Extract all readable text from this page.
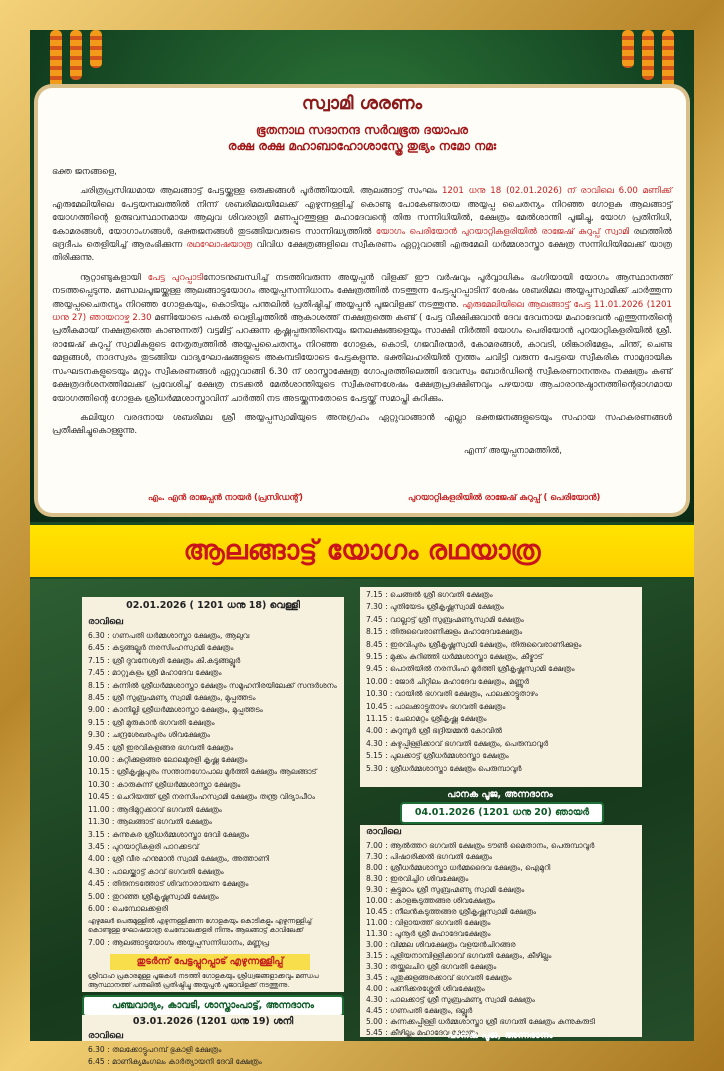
സ്വാമി ശരണം
ഭൂതനാഥ സദാനന്ദ സർവഭൂത ദയാപര
രക്ഷ രക്ഷ മഹാബാഹോശാസ്ത്രേ തുഭ്യം നമോ നമഃ

ഭക്ത ജനങ്ങളെ,

ചരിത്രപ്രസിദ്ധമായ ആലങ്ങാട്ട് പേട്ടയ്ക്കുള്ള ഒരുക്കങ്ങൾ പൂർത്തിയായി. ആലങ്ങാട്ട് സംഘം 1201 ധനു 18 (02.01.2026) ന് രാവിലെ 6.00 മണിക്ക് എരുമേലിയിലെ പേട്ടയമ്പലത്തിൽ നിന്ന് ശബരിമലയിലേക്ക് എഴുന്നള്ളിച്ച് കൊണ്ടു പോകേണ്ടതായ അയ്യപ്പ ചൈതന്യം നിറഞ്ഞ ഗോളക ആലങ്ങാട്ട് യോഗത്തിന്റെ ഉത്ഭവസ്ഥാനമായ ആലുവ ശിവരാത്രി മണപ്പുറത്തുള്ള മഹാദേവന്റെ തിരു സന്നിധിയിൽ, ക്ഷേത്രം മേൽശാന്തി പൂജിച്ചു, യോഗ പ്രതിനിധി, കോമരങ്ങൾ, യോഗാംഗങ്ങൾ, ഭക്തജനങ്ങൾ തുടങ്ങിയവരുടെ സാന്നിദ്ധ്യത്തിൽ യോഗം പെരിയോൻ പുറയാറ്റികളരിയിൽ രാജേഷ് കുറുപ്പ് സ്വാമി രഥത്തിൽ ഭദ്രദീപം തെളിയിച്ച് ആരംഭിക്കുന്ന രഥഘോഷയാത്ര വിവിധ ക്ഷേത്രങ്ങളിലെ സ്വീകരണം ഏറ്റുവാങ്ങി എരുമേലി ധർമ്മശാസ്താ ക്ഷേത്ര സന്നിധിയിലേക്ക് യാത്ര തിരിക്കുന്നു.

നൂറ്റാണ്ടുകളായി പേട്ട പുറപ്പാടിനോടനുബന്ധിച്ച് നടത്തിവരുന്ന അയ്യപ്പൻ വിളക്ക് ഈ വർഷവും പൂർവ്വാധികം ഭംഗിയായി യോഗം ആസ്ഥാനത്ത് നടത്തപ്പെടുന്നു. മണ്ഡലപൂജയ്ക്കുള്ള ആലങ്ങാട്ടുയോഗം അയ്യപ്പസന്നിധാനം ക്ഷേത്രത്തിൽ നടത്തുന്ന പേട്ടപ്പുറപ്പാടിന് ശേഷം ശബരിമല അയ്യപ്പസ്വാമിക്ക് ചാർത്തുന്ന അയ്യപ്പചൈതന്യം നിറഞ്ഞ ഗോളകയും, കൊടിയും പന്തലിൽ പ്രതിഷ്ഠിച്ച് അയ്യപ്പൻ പൂജവിളക്ക് നടത്തുന്നു. എരുമേലിയിലെ ആലങ്ങാട്ട് പേട്ട 11.01.2026 (1201 ധനു 27) ഞായറാഴ്ച 2.30 മണിയോടെ പകൽ വെളിച്ചത്തിൽ ആകാശത്ത് നക്ഷത്രത്തെ കണ്ട് ( പേട്ട വീക്ഷിക്കുവാൻ ദേവ ദേവനായ മഹാദേവൻ എത്തുന്നതിന്റെ പ്രതീകമായ് നക്ഷത്രത്തെ കാണുന്നത്) വട്ടമിട്ട് പറക്കുന്ന കൃഷ്ണപ്പരുന്തിനെയും ജനലക്ഷങ്ങളെയും സാക്ഷി നിർത്തി യോഗം പെരിയോൻ പുറയാറ്റികളരിയിൽ ശ്രീ. രാജേഷ് കുറുപ്പ് സ്വാമികളുടെ നേതൃത്വത്തിൽ അയ്യപ്പചൈതന്യം നിറഞ്ഞ ഗോളക, കൊടി, ഗജവീരന്മാർ, കോമരങ്ങൾ, കാവടി, ശിങ്കാരിമേളം, ചിന്ത്, ചെണ്ട മേളങ്ങൾ, നാദസ്വരം തുടങ്ങിയ വാദ്യഘോഷങ്ങളുടെ അകമ്പടിയോടെ പേട്ടകളുന്നു. ഭക്തിലഹരിയിൽ നൃത്തം ചവിട്ടി വരുന്ന പേട്ടയെ സ്വീകരിക സാമുദായിക സംഘടനകളുടെയും മറ്റും സ്വീകരണങ്ങൾ ഏറ്റുവാങ്ങി 6.30 ന് ശാസ്താക്ഷേത്ര ഗോപുരത്തിലെത്തി ദേവസ്വം ബോർഡിന്റെ സ്വീകരണാനന്തരം നക്ഷത്രം കണ്ട് ക്ഷേത്രദർശനത്തിലേക്ക് പ്രവേശിച്ച് ക്ഷേത്ര നടക്കൽ മേൽശാന്തിയുടെ സ്വീകരണശേഷം ക്ഷേത്രപ്രദക്ഷിണവും പഴയായ ആചാരാനുഷ്ഠാനത്തിന്റെഭാഗമായ യോഗത്തിന്റെ ഗോളക ശ്രീധർമ്മശാസ്താവിന് ചാർത്തി നട അടയ്ക്കുന്നതോടെ പേട്ടയ്ക്ക് സമാപ്തി കുറിക്കും.

കലിയുഗ വരദനായ ശബരിമല ശ്രീ അയ്യപ്പസ്വാമിയുടെ അനുഗ്രഹം ഏറ്റുവാങ്ങാൻ എല്ലാ ഭക്തജനങ്ങളുടെയും സഹായ സഹകരണങ്ങൾ പ്രതീക്ഷിച്ചുകൊള്ളുന്നു.

എന്ന് അയ്യപ്പനാമത്തിൽ,

എം. എൻ രാജപ്പൻ നായർ (പ്രസിഡന്റ്)	പുറയാറ്റികളരിയിൽ രാജേഷ് കുറുപ്പ് ( പെരിയോൻ)
ആലങ്ങാട്ട് യോഗം രഥയാത്ര
02.01.2026 ( 1201 ധനു 18) വെള്ളി
രാവിലെ
6.30 : ഗണപതി ധർമ്മശാസ്താ ക്ഷേത്രം, ആലുവ
6.45 : കടുങ്ങല്ലൂർ നരസിംഹസ്വാമി ക്ഷേത്രം
7.15 : ശ്രീ ദുവനേശ്വരി ക്ഷേത്രം കി.കടുങ്ങല്ലൂർ
7.45 : മാറ്റുകളം ശ്രീ മഹാദേവ ക്ഷേത്രം
8.15 : കുന്നിൽ ശ്രീധർമ്മശാസ്താ ക്ഷേത്രം സമൂഹനിരയിലേക്ക് സന്ദർശനം
8.45 : ശ്രീ സുബ്രഹ്മണ്യ സ്വാമി ക്ഷേത്രം, മുപ്പത്തടം
9.00 : കാനില്ലി ശ്രീധർമ്മശാസ്താ ക്ഷേത്രം, മുപ്പത്തടം
9.15 : ശ്രീ മുരുകാൻ ഭഗവതി ക്ഷേത്രം
9.30 : ചന്ദ്രശേഖരപുരം ശിവക്ഷേത്രം
9.45 : ശ്രീ ഇരവികുളങ്ങര ഭഗവതി ക്ഷേത്രം
10.00 : കുറ്റിക്കുളങ്ങര ലോലമുരളി കൃഷ്ണ ക്ഷേത്രം
10.15 : ശ്രീകൃഷ്ണപുരം സന്താനഗോപാല മൂർത്തി ക്ഷേത്രം ആലങ്ങാട്
10.30 : കാരുകുന്ന് ശ്രീധർമ്മശാസ്താ ക്ഷേത്രം
10.45 : ചെറിയത്ത് ശ്രീ നരസിംഹസ്വാമി ക്ഷേത്രം തന്ത്ര വിദ്യാപീഠം
11.00 : ആദിമുറ്റക്കാവ് ഭഗവതി ക്ഷേത്രം
11.30 : ആലങ്ങാട് ഭഗവതി ക്ഷേത്രം
3.15 : കുന്നുകര ശ്രീധർമ്മശാസ്താ ദേവി ക്ഷേത്രം
3.45 : പുറയാറ്റികളരി പാറക്കടവ്
4.00 : ശ്രീ വീര ഹനുമാൻ സ്വാമി ക്ഷേത്രം, അത്താണി
4.30 : പാലയ്ക്കാട്ട് കാവ് ഭഗവതി ക്ഷേത്രം
4.45 : തിരുനടത്തോട് ശിവനാരായണ ക്ഷേത്രം
5.00 : തുറഞ്ഞ ശ്രീകൃഷ്ണസ്വാമി ക്ഷേത്രം
6.00 : ചെമ്പോലക്കളരി
എഴുമലർ പെരുമുള്ളിൽ എഴുന്നള്ളിക്കുന്ന ഗോളകയും കൊടികളും എഴുന്നള്ളിച്ച് കൊണ്ടുള്ള ഘോഷയാത്ര ചെമ്പോലക്കളരി നിന്നും ആലങ്ങാട്ട് കാവിലേക്ക്
7.00 : ആലങ്ങാട്ടുയോഗം അയ്യപ്പസന്നിധാനം, മണ്ണപ്ര
തുടർന്ന് പേട്ടപ്പുറപ്പാട് എഴുന്നള്ളിപ്പ്
ശ്രീവാഹ പ്രകാരമുള്ള പൂജകൾ നടത്തി ഗോളകയും ശ്രീധ്വജങ്ങളാക്കവും മണ്ഡപ ആസ്ഥാനത്ത് പന്തലിൽ പ്രതിഷ്ഠിച്ചു അയ്യപ്പൻ പൂജാവിളക്ക് നടത്തുന്നു.
പഞ്ചവാദ്യം, കാവടി, ശാസ്താംപാട്ട്, അന്നദാനം
03.01.2026 (1201 ധനു 19) ശനി
രാവിലെ
6.30 : തലക്കോട്ടുപറമ്പ് ഭുകാളി ക്ഷേത്രം
6.45 : മാണിക്യമംഗലം കാർത്യായനി ദേവി ക്ഷേത്രം
7.15 : ചെങ്ങൽ ശ്രീ ഭഗവതി ക്ഷേത്രം
7.30 : പുതിയേടം ശ്രീകൃഷ്ണസ്വാമി ക്ഷേത്രം
7.45 : വാല്ലാട്ട് ശ്രീ സുബ്രഹ്മണ്യസ്വാമി ക്ഷേത്രം
8.15 : തിരുവൈരാണിക്കുളം മഹാദേവക്ഷേത്രം
8.45 : ഇരവിപുരം ശ്രീകൃഷ്ണസ്വാമി ക്ഷേത്രം, തിരുവൈരാണിക്കുളം
9.15 : മുക്കം കുറിഞ്ഞി ധർമ്മശാസ്താ ക്ഷേത്രം, കീഴ്മാട്
9.45 : പൊതിയിൽ നരസിംഹ മൂർത്തി ശ്രീകൃഷ്ണസ്വാമി ക്ഷേത്രം
10.00 : ജോർ ചിറ്റിലം മഹാദേവ ക്ഷേത്രം, മണ്ണൂർ
10.30 : വായിൽ ഭഗവതി ക്ഷേത്രം, പാലക്കാട്ടുതാഴം
10.45 : പാലക്കാട്ടുതാഴം ഭഗവതി ക്ഷേത്രം
11.15 : ചേലാമറ്റം ശ്രീകൃഷ്ണ ക്ഷേത്രം
4.00 : കുറുമ്പൂർ ശ്രീ ഭദ്രിയമ്മൻ കോവിൽ
4.30 : കുഴുപ്പിള്ളിക്കാവ് ഭഗവതി ക്ഷേത്രം, പെരുമ്പാവൂർ
5.15 : പുലക്കാട്ട് ശ്രീധർമ്മശാസ്താ ക്ഷേത്രം
5.30 : ശ്രീധർമ്മശാസ്താ ക്ഷേത്രം പെരുമ്പാവൂർ
പാനക പൂജ, അന്നദാനം
04.01.2026 (1201 ധനു 20) ഞായർ
രാവിലെ
7.00 : ആൽത്തറ ഭഗവതി ക്ഷേത്രം ടൗൺ മൈതാനം, പെരുമ്പാവൂർ
7.30 : പിഷാരിക്കൽ ഭഗവതി ക്ഷേത്രം
8.00 : ശ്രീധർമ്മശാസ്താ ധർമ്മദൈവ ക്ഷേത്രം, ഐമുറി
8.30 : ഇരവിച്ചിറ ശിവക്ഷേത്രം
9.30 : കൂട്ടുമഠം ശ്രീ സുബ്രഹ്മണ്യ സ്വാമി ക്ഷേത്രം
10.00 : കാളങ്കടുത്തങ്ങര ശിവക്ഷേത്രം
10.45 : നീലൻകടുത്തങ്ങര ശ്രീകൃഷ്ണസ്വാമി ക്ഷേത്രം
11.00 : വിളായത്ത് ഭഗവതി ക്ഷേത്രം
11.30 : പൂനൂർ ശ്രീ മഹാദേവക്ഷേത്രം
3.00 : വിമ്മല ശിവക്ഷേത്രം വളയൻചിറങ്ങര
3.15 : പുളിയനാമ്പിള്ളിക്കാവ് ഭഗവതി ക്ഷേത്രം, കീഴില്ലം
3.30 : തയ്ക്കലചിറ ശ്രീ ഭഗവതി ക്ഷേത്രം
3.45 : പുതുക്കുളങ്ങരക്കാവ് ഭഗവതി ക്ഷേത്രം
4.00 : പണിക്കരശ്ശേരി ശിവക്ഷേത്രം
4.30 : പാലക്കാട്ട് ശ്രീ സുബ്രഹ്മണ്യ സ്വാമി ക്ഷേത്രം
4.45 : ഗണപതി ക്ഷേത്രം, ഒല്ലൂർ
5.00 : കുന്നക്കപ്പിള്ളി ധർമ്മശാസ്താ ശ്രീ ഭഗവതി ക്ഷേത്രം കുന്നുകുരുടി
5.45 : കീഴില്ലം മഹാദേവ ക്ഷേത്രം
പാനക പൂജ, അന്നദാനം
